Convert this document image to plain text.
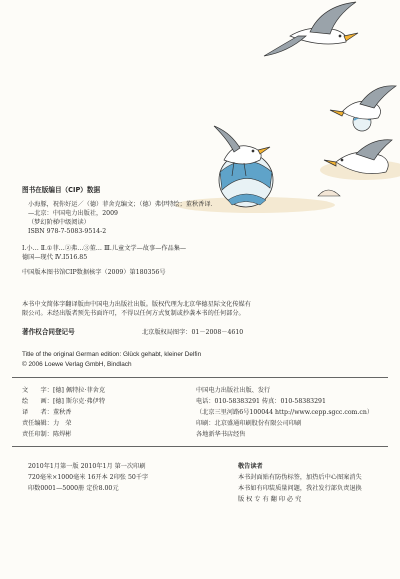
图书在版编目（CIP）数据
小海豚，祝你好运／（德）菲舍克编文；（德）弗伊特绘；董秋香译．
—北京：中国电力出版社，2009
（梦幻阶梯中级阅读）
ISBN 978-7-5083-9514-2
Ⅰ.小… Ⅱ.①菲…②弗…③董… Ⅲ.儿童文学—故事—作品集—
德国—现代 Ⅳ.I516.85
中国版本图书馆CIP数据核字（2009）第180356号
本书中文简体字翻译版由中国电力出版社出版。版权代理为北京华德星际文化传媒有
限公司。未经出版者预先书面许可，不得以任何方式复制或抄袭本书的任何部分。
著作权合同登记号	北京版权局图字：01－2008－4610
Title of the original German edition: Glück gehabt, kleiner Delfin
© 2006 Loewe Verlag GmbH, Bindlach
文　　字：[德] 佩特拉·菲舍克
绘　　画：[德] 斯尔克·弗伊特
译　　者：董秋香
责任编辑：力　荣
责任印制：陈焊彬
中国电力出版社出版、发行
电话：010-58383291 传真：010-58383291
（北京三里河路6号100044 http://www.cepp.sgcc.com.cn）
印刷：北京盛通印刷股份有限公司印刷
各地新华书店经售
2010年1月第一版 2010年1月 第一次印刷
720毫米×1000毫米 16开本 2印张 50千字
印数0001—5000册 定价8.00元
敬告读者
本书封面贴有防伪标签，加热后中心图案消失
本书如有印装质量问题，我社发行部负责退换
版 权 专 有 翻 印 必 究
